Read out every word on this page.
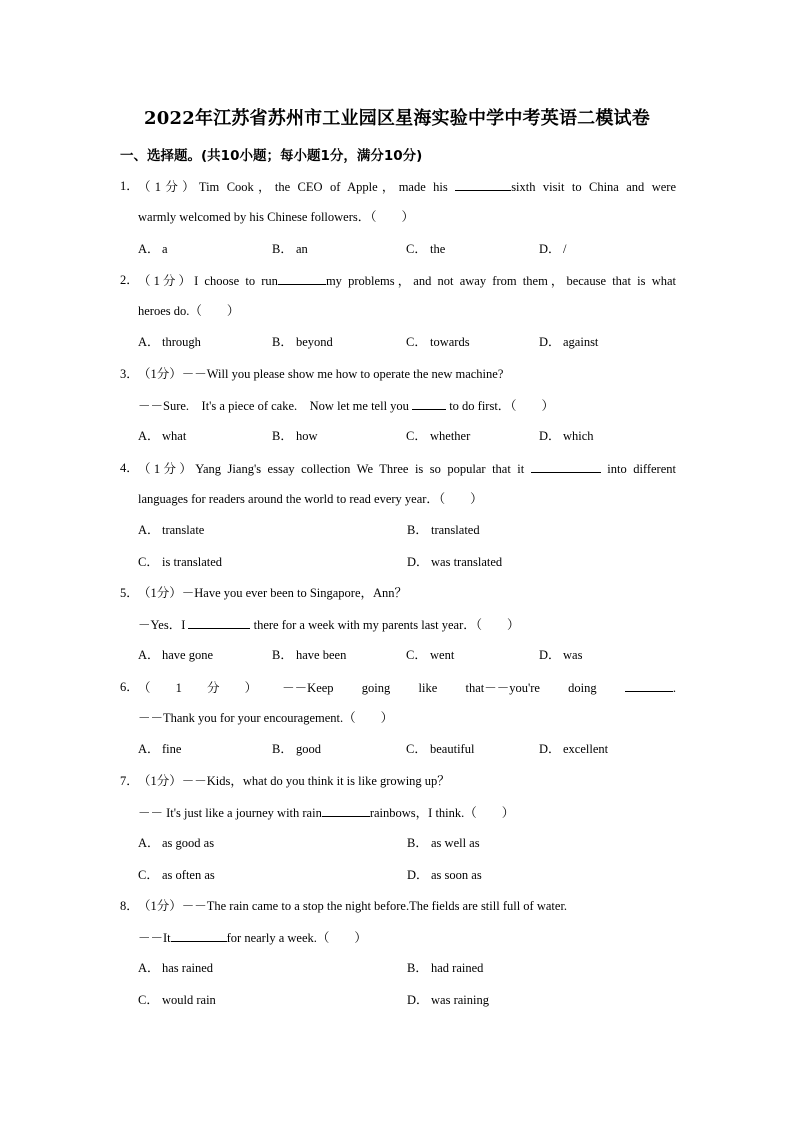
2022年江苏省苏州市工业园区星海实验中学中考英语二模试卷
一、选择题。(共10小题；每小题1分，满分10分)
1． （1分）Tim Cook，the CEO of Apple，made his	sixth visit to China and were
warmly welcomed by his Chinese followers．（　　）
A． a	B． an	C． the	D． /
2． （1分）I choose to run	my problems，and not away from them，because that is what
heroes do.（　　）
A． through	B． beyond	C． towards	D． against
3． （1分）－－Will you please show me how to operate the new machine?
－－Sure.　It's a piece of cake.　Now let me tell you	to do first．（　　）
A． what	B． how	C． whether	D． which
4． （1分）Yang Jiang's essay collection We Three is so popular that it	into different
languages for readers around the world to read every year．（　　）
A． translate	B． translated
C． is translated	D． was translated
5． （1分）－Have you ever been to Singapore，Ann？
－Yes．I	there for a week with my parents last year．（　　）
A． have gone	B． have been	C． went	D． was
6． （1分）－－Keep going like that－－you're doing	.
－－Thank you for your encouragement.（　　）
A． fine	B． good	C． beautiful	D． excellent
7． （1分）－－Kids，what do you think it is like growing up？
－－ It's just like a journey with rain	rainbows，I think.（　　）
A． as good as	B． as well as
C． as often as	D． as soon as
8． （1分）－－The rain came to a stop the night before.The fields are still full of water.
－－It	for nearly a week.（　　）
A． has rained	B． had rained
C． would rain	D． was raining
